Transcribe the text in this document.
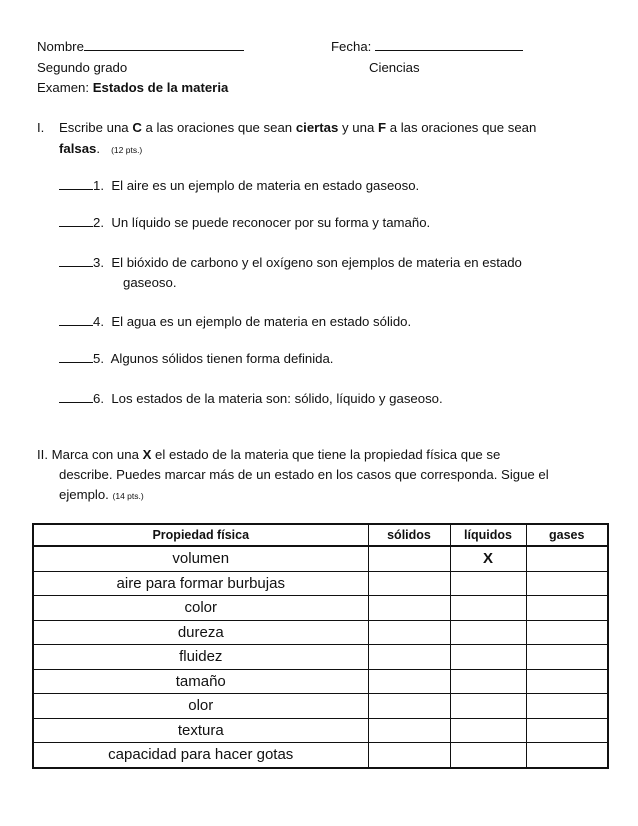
Nombre	Fecha:
Segundo grado	Ciencias
Examen: Estados de la materia
I. Escribe una C a las oraciones que sean ciertas y una F a las oraciones que sean
falsas. (12 pts.)
1. El aire es un ejemplo de materia en estado gaseoso.
2. Un líquido se puede reconocer por su forma y tamaño.
3. El bióxido de carbono y el oxígeno son ejemplos de materia en estado
gaseoso.
4. El agua es un ejemplo de materia en estado sólido.
5. Algunos sólidos tienen forma definida.
6. Los estados de la materia son: sólido, líquido y gaseoso.
II. Marca con una X el estado de la materia que tiene la propiedad física que se
describe. Puedes marcar más de un estado en los casos que corresponda. Sigue el
ejemplo. (14 pts.)
Propiedad física	sólidos	líquidos	gases
volumen		X	
aire para formar burbujas			
color			
dureza			
fluidez			
tamaño			
olor			
textura			
capacidad para hacer gotas			
